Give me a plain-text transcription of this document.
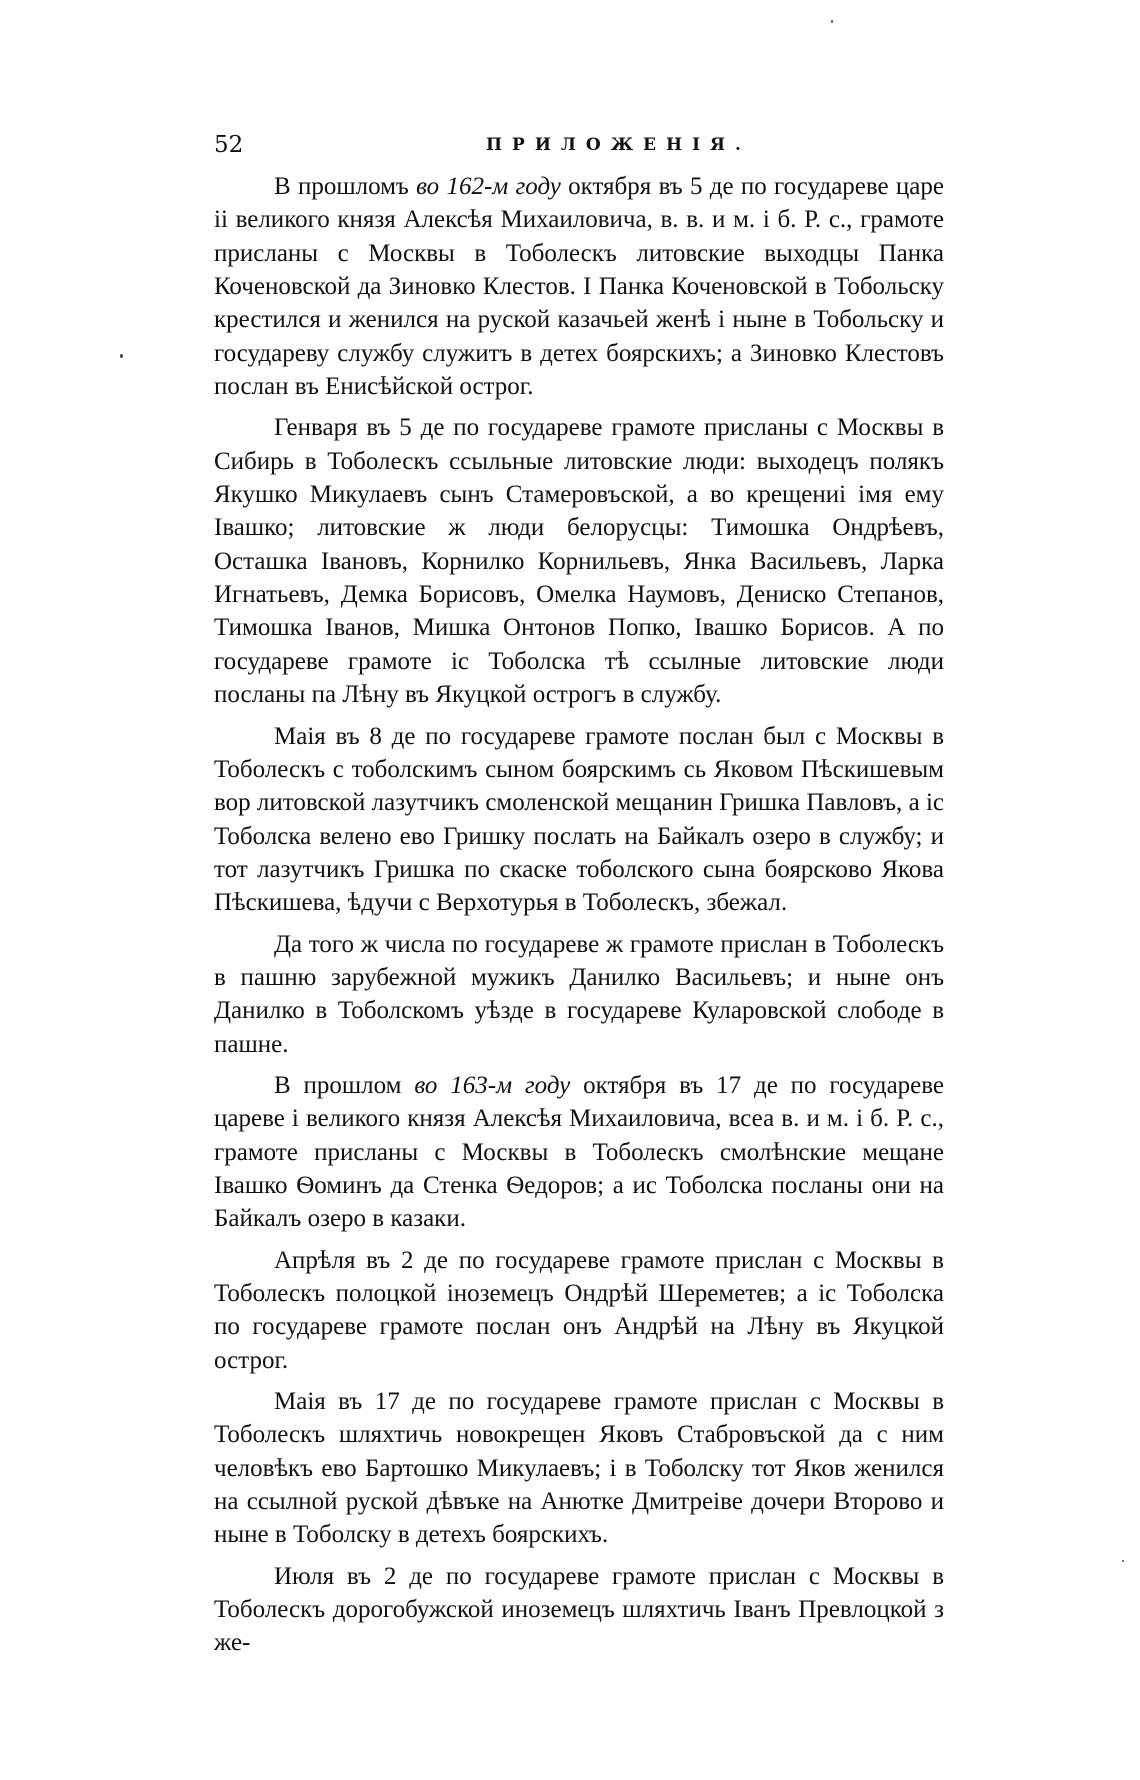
52	ПРИЛОЖЕНІЯ.

В прошломъ во 162-м году октября въ 5 де по государеве царе іі великого князя Алексѣя Михаиловича, в. в. и м. і б. Р. с., грамоте присланы с Москвы в Тоболескъ литовские выходцы Панка Коченовской да Зиновко Клестов. І Панка Коченовской в Тобольску крестился и женился на руской казачьей женѣ і ныне в Тобольску и государеву службу служитъ в детех боярскихъ; а Зиновко Клестовъ послан въ Енисѣйской острог.

Генваря въ 5 де по государеве грамоте присланы с Москвы в Сибирь в Тоболескъ ссыльные литовские люди: выходецъ полякъ Якушко Микулаевъ сынъ Стамеровъской, а во крещениі імя ему Івашко; литовские ж люди белорусцы: Тимошка Ондрѣевъ, Осташка Івановъ, Корнилко Корнильевъ, Янка Васильевъ, Ларка Игнатьевъ, Демка Борисовъ, Омелка Наумовъ, Дениско Степанов, Тимошка Іванов, Мишка Онтонов Попко, Івашко Борисов. А по государеве грамоте іс Тоболска тѣ ссылные литовские люди посланы па Лѣну въ Якуцкой острогъ в службу.

Маія въ 8 де по государеве грамоте послан был с Москвы в Тоболескъ с тоболскимъ сыном боярскимъ сь Яковом Пѣскишевым вор литовской лазутчикъ смоленской мещанин Гришка Павловъ, а іс Тоболска велено ево Гришку послать на Байкалъ озеро в службу; и тот лазутчикъ Гришка по скаске тоболского сына боярсково Якова Пѣскишева, ѣдучи с Верхотурья в Тоболескъ, збежал.

Да того ж числа по государеве ж грамоте прислан в Тоболескъ в пашню зарубежной мужикъ Данилко Васильевъ; и ныне онъ Данилко в Тоболскомъ уѣзде в государеве Куларовской слободе в пашне.

В прошлом во 163-м году октября въ 17 де по государеве цареве і великого князя Алексѣя Михаиловича, всеа в. и м. і б. Р. с., грамоте присланы с Москвы в Тоболескъ смолѣнские мещане Івашко Ѳоминъ да Стенка Ѳедоров; а ис Тоболска посланы они на Байкалъ озеро в казаки.

Апрѣля въ 2 де по государеве грамоте прислан с Москвы в Тоболескъ полоцкой іноземецъ Ондрѣй Шереметев; а іс Тоболска по государеве грамоте послан онъ Андрѣй на Лѣну въ Якуцкой острог.

Маія въ 17 де по государеве грамоте прислан с Москвы в Тоболескъ шляхтичь новокрещен Яковъ Стабровъской да с ним человѣкъ ево Бартошко Микулаевъ; і в Тоболску тот Яков женился на ссылной руской дѣвъке на Анютке Дмитреіве дочери Второво и ныне в Тоболску в детехъ боярскихъ.

Июля въ 2 де по государеве грамоте прислан с Москвы в Тоболескъ дорогобужской иноземецъ шляхтичь Іванъ Превлоцкой з же-
